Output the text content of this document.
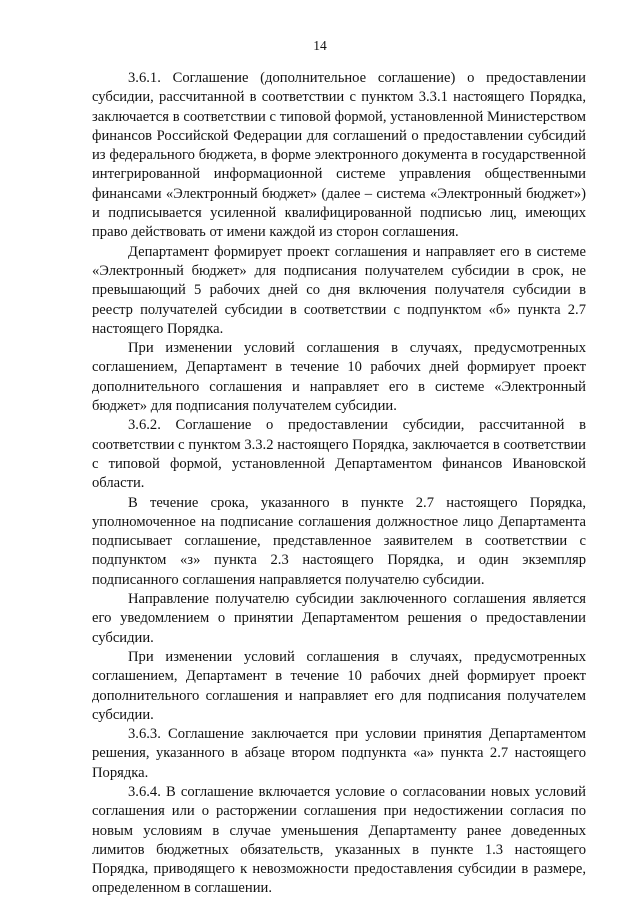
14

3.6.1. Соглашение (дополнительное соглашение) о предоставлении субсидии, рассчитанной в соответствии с пунктом 3.3.1 настоящего Порядка, заключается в соответствии с типовой формой, установленной Министерством финансов Российской Федерации для соглашений о предоставлении субсидий из федерального бюджета, в форме электронного документа в государственной интегрированной информационной системе управления общественными финансами «Электронный бюджет» (далее – система «Электронный бюджет») и подписывается усиленной квалифицированной подписью лиц, имеющих право действовать от имени каждой из сторон соглашения.

Департамент формирует проект соглашения и направляет его в системе «Электронный бюджет» для подписания получателем субсидии в срок, не превышающий 5 рабочих дней со дня включения получателя субсидии в реестр получателей субсидии в соответствии с подпунктом «б» пункта 2.7 настоящего Порядка.

При изменении условий соглашения в случаях, предусмотренных соглашением, Департамент в течение 10 рабочих дней формирует проект дополнительного соглашения и направляет его в системе «Электронный бюджет» для подписания получателем субсидии.

3.6.2. Соглашение о предоставлении субсидии, рассчитанной в соответствии с пунктом 3.3.2 настоящего Порядка, заключается в соответствии с типовой формой, установленной Департаментом финансов Ивановской области.

В течение срока, указанного в пункте 2.7 настоящего Порядка, уполномоченное на подписание соглашения должностное лицо Департамента подписывает соглашение, представленное заявителем в соответствии с подпунктом «з» пункта 2.3 настоящего Порядка, и один экземпляр подписанного соглашения направляется получателю субсидии.

Направление получателю субсидии заключенного соглашения является его уведомлением о принятии Департаментом решения о предоставлении субсидии.

При изменении условий соглашения в случаях, предусмотренных соглашением, Департамент в течение 10 рабочих дней формирует проект дополнительного соглашения и направляет его для подписания получателем субсидии.

3.6.3. Соглашение заключается при условии принятия Департаментом решения, указанного в абзаце втором подпункта «а» пункта 2.7 настоящего Порядка.

3.6.4. В соглашение включается условие о согласовании новых условий соглашения или о расторжении соглашения при недостижении согласия по новым условиям в случае уменьшения Департаменту ранее доведенных лимитов бюджетных обязательств, указанных в пункте 1.3 настоящего Порядка, приводящего к невозможности предоставления субсидии в размере, определенном в соглашении.
